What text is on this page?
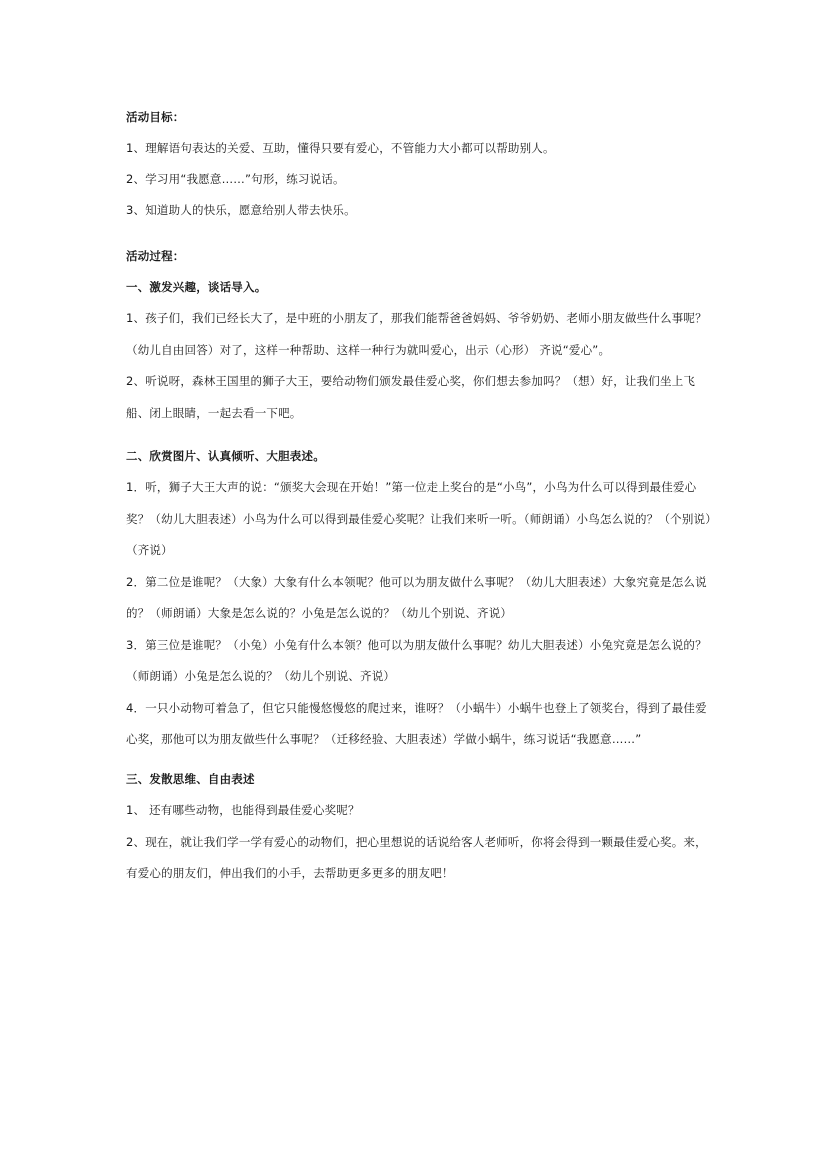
活动目标：
1、理解语句表达的关爱、互助，懂得只要有爱心，不管能力大小都可以帮助别人。
2、学习用“我愿意……”句形，练习说话。
3、知道助人的快乐，愿意给别人带去快乐。
活动过程：
一、激发兴趣，谈话导入。

1、孩子们，我们已经长大了，是中班的小朋友了，那我们能帮爸爸妈妈、爷爷奶奶、老师小朋友做些什么事呢？（幼儿自由回答）对了，这样一种帮助、这样一种行为就叫爱心，出示（心形） 齐说“爱心”。

2、听说呀，森林王国里的狮子大王，要给动物们颁发最佳爱心奖，你们想去参加吗？（想）好，让我们坐上飞船、闭上眼睛，一起去看一下吧。

二、欣赏图片、认真倾听、大胆表述。

1．听，狮子大王大声的说：“颁奖大会现在开始！”第一位走上奖台的是“小鸟”，小鸟为什么可以得到最佳爱心奖？（幼儿大胆表述）小鸟为什么可以得到最佳爱心奖呢？让我们来听一听。（师朗诵）小鸟怎么说的？（个别说）（齐说）

2．第二位是谁呢？（大象）大象有什么本领呢？他可以为朋友做什么事呢？（幼儿大胆表述）大象究竟是怎么说的？（师朗诵）大象是怎么说的？小兔是怎么说的？（幼儿个别说、齐说）

3．第三位是谁呢？（小兔）小兔有什么本领？他可以为朋友做什么事呢？幼儿大胆表述）小兔究竟是怎么说的？（师朗诵）小兔是怎么说的？（幼儿个别说、齐说）

4．一只小动物可着急了，但它只能慢悠慢悠的爬过来，谁呀？（小蜗牛）小蜗牛也登上了领奖台，得到了最佳爱心奖，那他可以为朋友做些什么事呢？（迁移经验、大胆表述）学做小蜗牛，练习说话“我愿意……”

三、发散思维、自由表述

1、 还有哪些动物，也能得到最佳爱心奖呢？

2、现在，就让我们学一学有爱心的动物们，把心里想说的话说给客人老师听，你将会得到一颗最佳爱心奖。来，有爱心的朋友们，伸出我们的小手，去帮助更多更多的朋友吧！
